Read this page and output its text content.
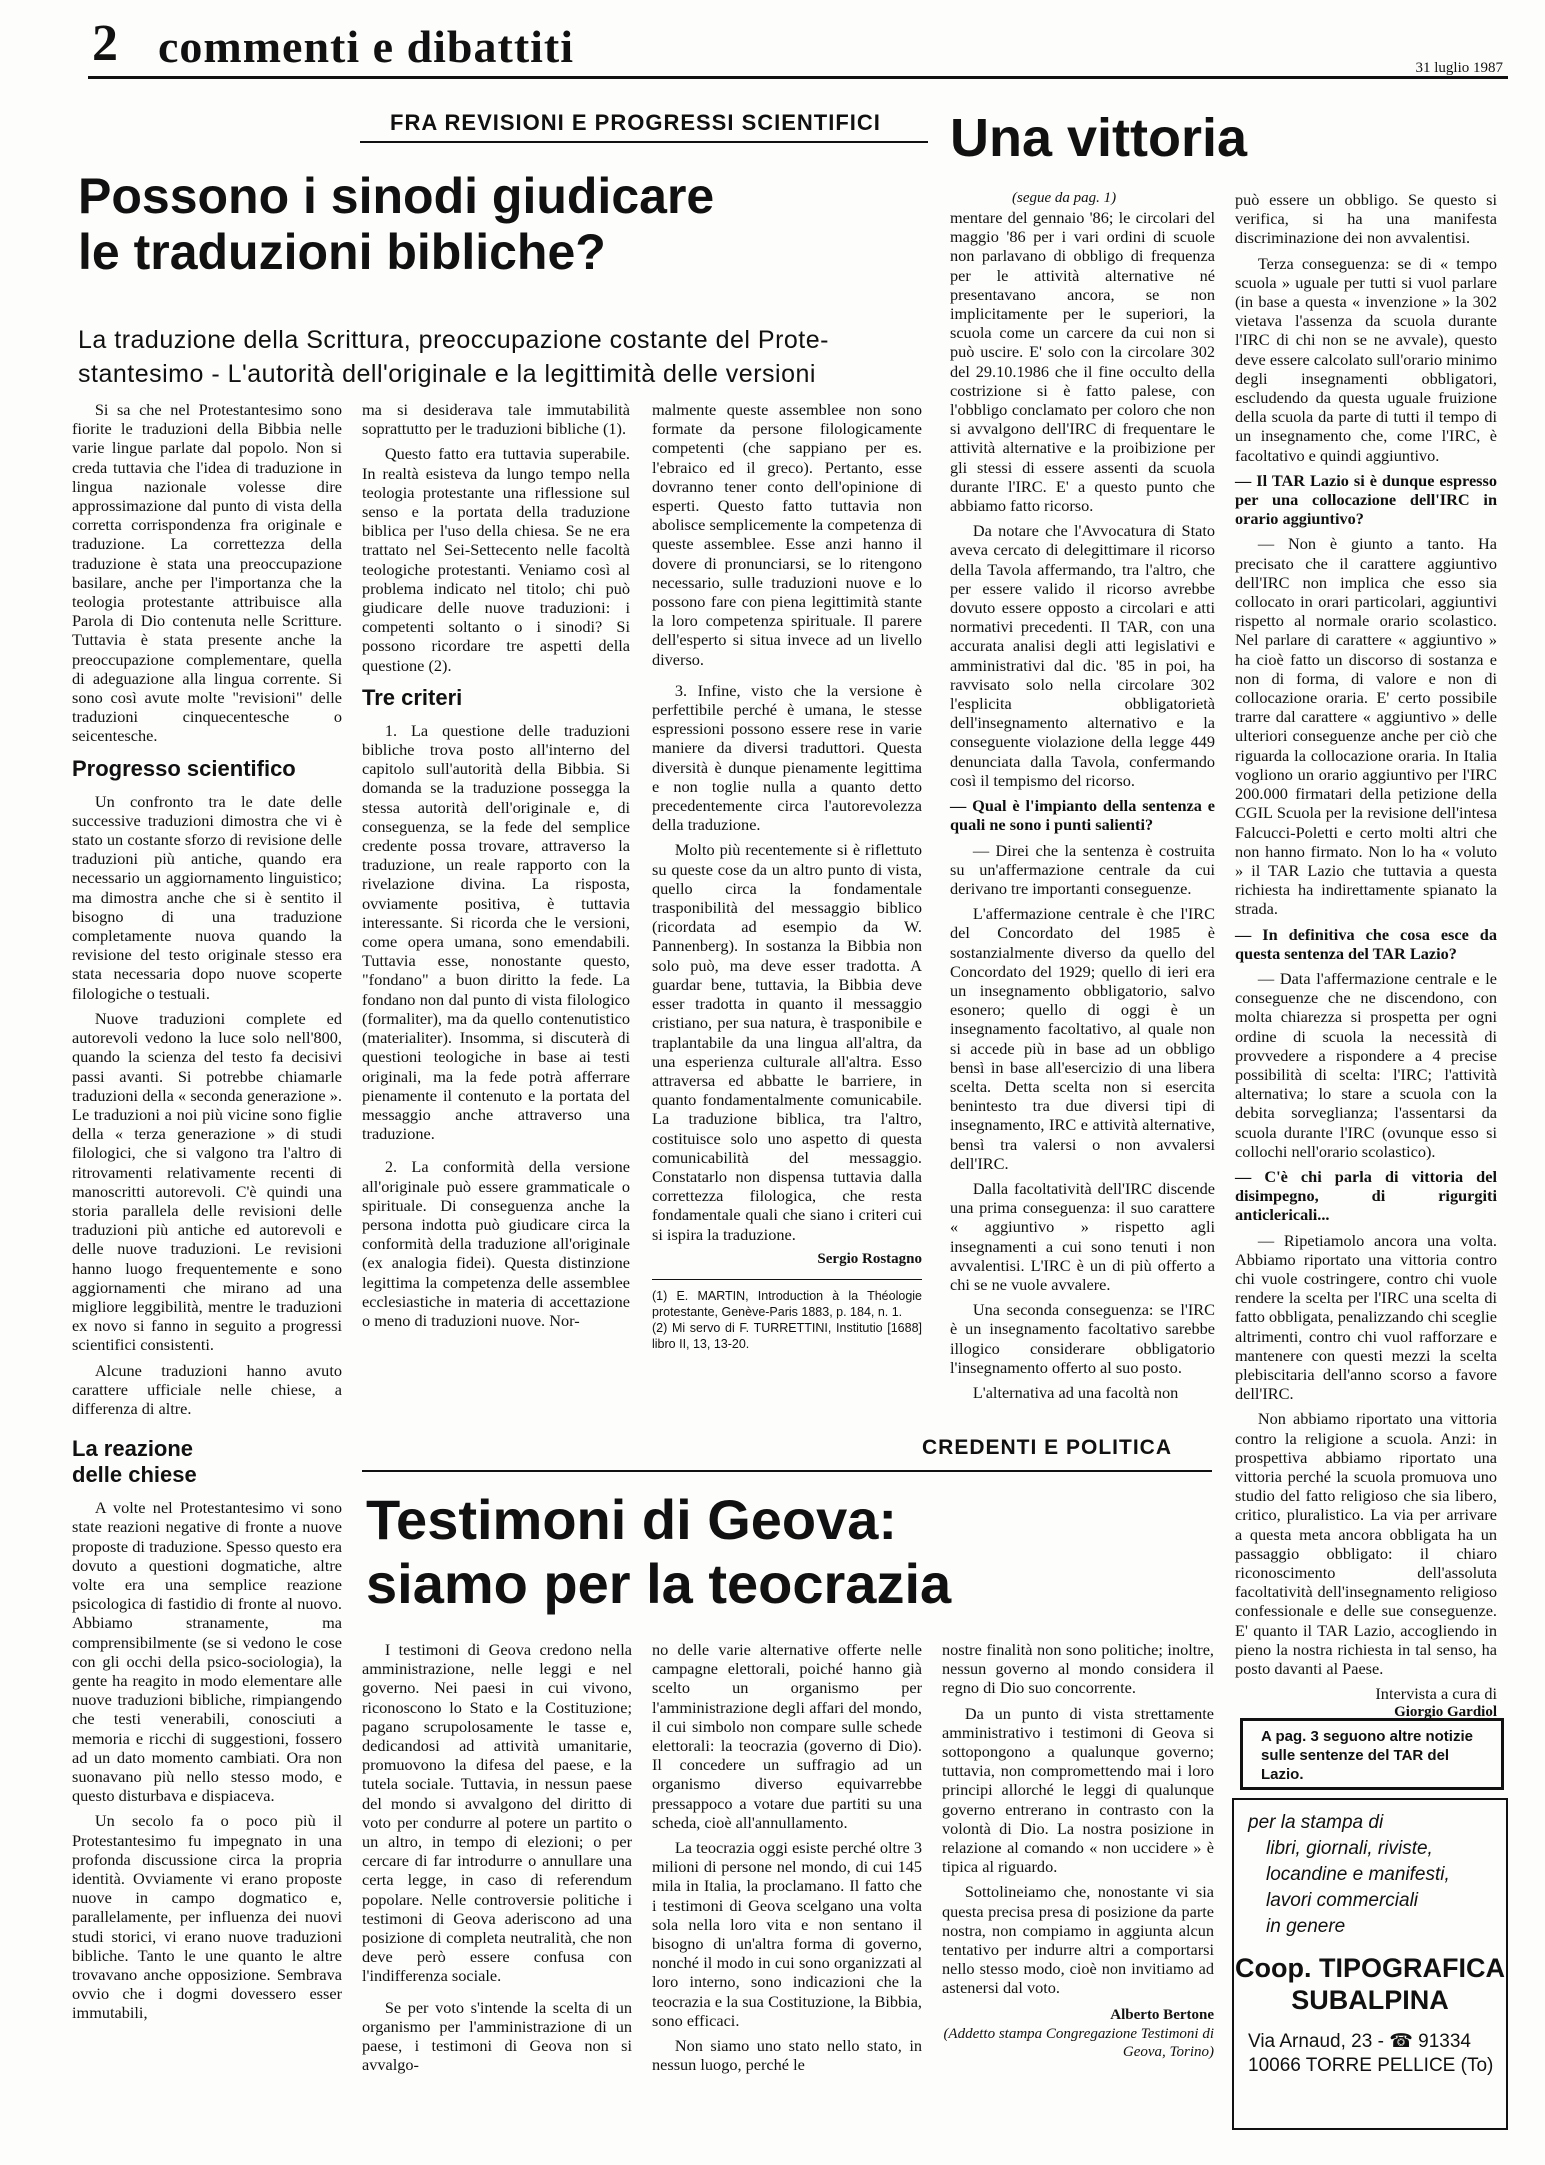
2 commenti e dibattiti	31 luglio 1987
FRA REVISIONI E PROGRESSI SCIENTIFICI
Possono i sinodi giudicare
le traduzioni bibliche?
La traduzione della Scrittura, preoccupazione costante del Prote-
stantesimo - L'autorità dell'originale e la legittimità delle versioni

Si sa che nel Protestantesimo sono fiorite le traduzioni della Bibbia nelle varie lingue parlate dal popolo. Non si creda tuttavia che l'idea di traduzione in lingua nazionale volesse dire approssimazione dal punto di vista della corretta corrispondenza fra originale e traduzione. La correttezza della traduzione è stata una preoccupazione basilare, anche per l'importanza che la teologia protestante attribuisce alla Parola di Dio contenuta nelle Scritture. Tuttavia è stata presente anche la preoccupazione complementare, quella di adeguazione alla lingua corrente. Si sono così avute molte "revisioni" delle traduzioni cinquecentesche o seicentesche.

Progresso scientifico

Un confronto tra le date delle successive traduzioni dimostra che vi è stato un costante sforzo di revisione delle traduzioni più antiche, quando era necessario un aggiornamento linguistico; ma dimostra anche che si è sentito il bisogno di una traduzione completamente nuova quando la revisione del testo originale stesso era stata necessaria dopo nuove scoperte filologiche o testuali.

Nuove traduzioni complete ed autorevoli vedono la luce solo nell'800, quando la scienza del testo fa decisivi passi avanti. Si potrebbe chiamarle traduzioni della « seconda generazione ». Le traduzioni a noi più vicine sono figlie della « terza generazione » di studi filologici, che si valgono tra l'altro di ritrovamenti relativamente recenti di manoscritti autorevoli. C'è quindi una storia parallela delle revisioni delle traduzioni più antiche ed autorevoli e delle nuove traduzioni. Le revisioni hanno luogo frequentemente e sono aggiornamenti che mirano ad una migliore leggibilità, mentre le traduzioni ex novo si fanno in seguito a progressi scientifici consistenti.

Alcune traduzioni hanno avuto carattere ufficiale nelle chiese, a differenza di altre.

La reazione
delle chiese

A volte nel Protestantesimo vi sono state reazioni negative di fronte a nuove proposte di traduzione. Spesso questo era dovuto a questioni dogmatiche, altre volte era una semplice reazione psicologica di fastidio di fronte al nuovo. Abbiamo stranamente, ma comprensibilmente (se si vedono le cose con gli occhi della psico-sociologia), la gente ha reagito in modo elementare alle nuove traduzioni bibliche, rimpiangendo che testi venerabili, conosciuti a memoria e ricchi di suggestioni, fossero ad un dato momento cambiati. Ora non suonavano più nello stesso modo, e questo disturbava e dispiaceva.

Un secolo fa o poco più il Protestantesimo fu impegnato in una profonda discussione circa la propria identità. Ovviamente vi erano proposte nuove in campo dogmatico e, parallelamente, per influenza dei nuovi studi storici, vi erano nuove traduzioni bibliche. Tanto le une quanto le altre trovavano anche opposizione. Sembrava ovvio che i dogmi dovessero esser immutabili,

ma si desiderava tale immutabilità soprattutto per le traduzioni bibliche (1).

Questo fatto era tuttavia superabile. In realtà esisteva da lungo tempo nella teologia protestante una riflessione sul senso e la portata della traduzione biblica per l'uso della chiesa. Se ne era trattato nel Sei-Settecento nelle facoltà teologiche protestanti. Veniamo così al problema indicato nel titolo; chi può giudicare delle nuove traduzioni: i competenti soltanto o i sinodi? Si possono ricordare tre aspetti della questione (2).

Tre criteri

1. La questione delle traduzioni bibliche trova posto all'interno del capitolo sull'autorità della Bibbia. Si domanda se la traduzione possegga la stessa autorità dell'originale e, di conseguenza, se la fede del semplice credente possa trovare, attraverso la traduzione, un reale rapporto con la rivelazione divina. La risposta, ovviamente positiva, è tuttavia interessante. Si ricorda che le versioni, come opera umana, sono emendabili. Tuttavia esse, nonostante questo, "fondano" a buon diritto la fede. La fondano non dal punto di vista filologico (formaliter), ma da quello contenutistico (materialiter). Insomma, si discuterà di questioni teologiche in base ai testi originali, ma la fede potrà afferrare pienamente il contenuto e la portata del messaggio anche attraverso una traduzione.

2. La conformità della versione all'originale può essere grammaticale o spirituale. Di conseguenza anche la persona indotta può giudicare circa la conformità della traduzione all'originale (ex analogia fidei). Questa distinzione legittima la competenza delle assemblee ecclesiastiche in materia di accettazione o meno di traduzioni nuove. Nor-

malmente queste assemblee non sono formate da persone filologicamente competenti (che sappiano per es. l'ebraico ed il greco). Pertanto, esse dovranno tener conto dell'opinione di esperti. Questo fatto tuttavia non abolisce semplicemente la competenza di queste assemblee. Esse anzi hanno il dovere di pronunciarsi, se lo ritengono necessario, sulle traduzioni nuove e lo possono fare con piena legittimità stante la loro competenza spirituale. Il parere dell'esperto si situa invece ad un livello diverso.

3. Infine, visto che la versione è perfettibile perché è umana, le stesse espressioni possono essere rese in varie maniere da diversi traduttori. Questa diversità è dunque pienamente legittima e non toglie nulla a quanto detto precedentemente circa l'autorevolezza della traduzione.

Molto più recentemente si è riflettuto su queste cose da un altro punto di vista, quello circa la fondamentale trasponibilità del messaggio biblico (ricordata ad esempio da W. Pannenberg). In sostanza la Bibbia non solo può, ma deve esser tradotta. A guardar bene, tuttavia, la Bibbia deve esser tradotta in quanto il messaggio cristiano, per sua natura, è trasponibile e traplantabile da una lingua all'altra, da una esperienza culturale all'altra. Esso attraversa ed abbatte le barriere, in quanto fondamentalmente comunicabile. La traduzione biblica, tra l'altro, costituisce solo uno aspetto di questa comunicabilità del messaggio. Constatarlo non dispensa tuttavia dalla correttezza filologica, che resta fondamentale quali che siano i criteri cui si ispira la traduzione.

Sergio Rostagno
(1) E. MARTIN, Introduction à la Théologie protestante, Genève-Paris 1883, p. 184, n. 1.
(2) Mi servo di F. TURRETTINI, Institutio [1688] libro II, 13, 13-20.
Una vittoria
(segue da pag. 1)

mentare del gennaio '86; le circolari del maggio '86 per i vari ordini di scuole non parlavano di obbligo di frequenza per le attività alternative né presentavano ancora, se non implicitamente per le superiori, la scuola come un carcere da cui non si può uscire. E' solo con la circolare 302 del 29.10.1986 che il fine occulto della costrizione si è fatto palese, con l'obbligo conclamato per coloro che non si avvalgono dell'IRC di frequentare le attività alternative e la proibizione per gli stessi di essere assenti da scuola durante l'IRC. E' a questo punto che abbiamo fatto ricorso.

Da notare che l'Avvocatura di Stato aveva cercato di delegittimare il ricorso della Tavola affermando, tra l'altro, che per essere valido il ricorso avrebbe dovuto essere opposto a circolari e atti normativi precedenti. Il TAR, con una accurata analisi degli atti legislativi e amministrativi dal dic. '85 in poi, ha ravvisato solo nella circolare 302 l'esplicita obbligatorietà dell'insegnamento alternativo e la conseguente violazione della legge 449 denunciata dalla Tavola, confermando così il tempismo del ricorso.

— Qual è l'impianto della sentenza e quali ne sono i punti salienti?

— Direi che la sentenza è costruita su un'affermazione centrale da cui derivano tre importanti conseguenze.

L'affermazione centrale è che l'IRC del Concordato del 1985 è sostanzialmente diverso da quello del Concordato del 1929; quello di ieri era un insegnamento obbligatorio, salvo esonero; quello di oggi è un insegnamento facoltativo, al quale non si accede più in base ad un obbligo bensì in base all'esercizio di una libera scelta. Detta scelta non si esercita benintesto tra due diversi tipi di insegnamento, IRC e attività alternative, bensì tra valersi o non avvalersi dell'IRC.

Dalla facoltatività dell'IRC discende una prima conseguenza: il suo carattere « aggiuntivo » rispetto agli insegnamenti a cui sono tenuti i non avvalentisi. L'IRC è un di più offerto a chi se ne vuole avvalere.

Una seconda conseguenza: se l'IRC è un insegnamento facoltativo sarebbe illogico considerare obbligatorio l'insegnamento offerto al suo posto.

L'alternativa ad una facoltà non

può essere un obbligo. Se questo si verifica, si ha una manifesta discriminazione dei non avvalentisi.

Terza conseguenza: se di « tempo scuola » uguale per tutti si vuol parlare (in base a questa « invenzione » la 302 vietava l'assenza da scuola durante l'IRC di chi non se ne avvale), questo deve essere calcolato sull'orario minimo degli insegnamenti obbligatori, escludendo da questa uguale fruizione della scuola da parte di tutti il tempo di un insegnamento che, come l'IRC, è facoltativo e quindi aggiuntivo.

— Il TAR Lazio si è dunque espresso per una collocazione dell'IRC in orario aggiuntivo?

— Non è giunto a tanto. Ha precisato che il carattere aggiuntivo dell'IRC non implica che esso sia collocato in orari particolari, aggiuntivi rispetto al normale orario scolastico. Nel parlare di carattere « aggiuntivo » ha cioè fatto un discorso di sostanza e non di forma, di valore e non di collocazione oraria. E' certo possibile trarre dal carattere « aggiuntivo » delle ulteriori conseguenze anche per ciò che riguarda la collocazione oraria. In Italia vogliono un orario aggiuntivo per l'IRC 200.000 firmatari della petizione della CGIL Scuola per la revisione dell'intesa Falcucci-Poletti e certo molti altri che non hanno firmato. Non lo ha « voluto » il TAR Lazio che tuttavia a questa richiesta ha indirettamente spianato la strada.

— In definitiva che cosa esce da questa sentenza del TAR Lazio?

— Data l'affermazione centrale e le conseguenze che ne discendono, con molta chiarezza si prospetta per ogni ordine di scuola la necessità di provvedere a rispondere a 4 precise possibilità di scelta: l'IRC; l'attività alternativa; lo stare a scuola con la debita sorveglianza; l'assentarsi da scuola durante l'IRC (ovunque esso si collochi nell'orario scolastico).

— C'è chi parla di vittoria del disimpegno, di rigurgiti anticlericali...

— Ripetiamolo ancora una volta. Abbiamo riportato una vittoria contro chi vuole costringere, contro chi vuole rendere la scelta per l'IRC una scelta di fatto obbligata, penalizzando chi sceglie altrimenti, contro chi vuol rafforzare e mantenere con questi mezzi la scelta plebiscitaria dell'anno scorso a favore dell'IRC.

Non abbiamo riportato una vittoria contro la religione a scuola. Anzi: in prospettiva abbiamo riportato una vittoria perché la scuola promuova uno studio del fatto religioso che sia libero, critico, pluralistico. La via per arrivare a questa meta ancora obbligata ha un passaggio obbligato: il chiaro riconoscimento dell'assoluta facoltatività dell'insegnamento religioso confessionale e delle sue conseguenze. E' quanto il TAR Lazio, accogliendo in pieno la nostra richiesta in tal senso, ha posto davanti al Paese.

Intervista a cura di
Giorgio Gardiol
A pag. 3 seguono altre notizie sulle sentenze del TAR del Lazio.
CREDENTI E POLITICA
Testimoni di Geova:
siamo per la teocrazia

I testimoni di Geova credono nella amministrazione, nelle leggi e nel governo. Nei paesi in cui vivono, riconoscono lo Stato e la Costituzione; pagano scrupolosamente le tasse e, dedicandosi ad attività umanitarie, promuovono la difesa del paese, e la tutela sociale. Tuttavia, in nessun paese del mondo si avvalgono del diritto di voto per condurre al potere un partito o un altro, in tempo di elezioni; o per cercare di far introdurre o annullare una certa legge, in caso di referendum popolare. Nelle controversie politiche i testimoni di Geova aderiscono ad una posizione di completa neutralità, che non deve però essere confusa con l'indifferenza sociale.

Se per voto s'intende la scelta di un organismo per l'amministrazione di un paese, i testimoni di Geova non si avvalgo-

no delle varie alternative offerte nelle campagne elettorali, poiché hanno già scelto un organismo per l'amministrazione degli affari del mondo, il cui simbolo non compare sulle schede elettorali: la teocrazia (governo di Dio). Il concedere un suffragio ad un organismo diverso equivarrebbe pressappoco a votare due partiti su una scheda, cioè all'annullamento.

La teocrazia oggi esiste perché oltre 3 milioni di persone nel mondo, di cui 145 mila in Italia, la proclamano. Il fatto che i testimoni di Geova scelgano una volta sola nella loro vita e non sentano il bisogno di un'altra forma di governo, nonché il modo in cui sono organizzati al loro interno, sono indicazioni che la teocrazia e la sua Costituzione, la Bibbia, sono efficaci.

Non siamo uno stato nello stato, in nessun luogo, perché le

nostre finalità non sono politiche; inoltre, nessun governo al mondo considera il regno di Dio suo concorrente.

Da un punto di vista strettamente amministrativo i testimoni di Geova si sottopongono a qualunque governo; tuttavia, non compromettendo mai i loro principi allorché le leggi di qualunque governo entrerano in contrasto con la volontà di Dio. La nostra posizione in relazione al comando « non uccidere » è tipica al riguardo.

Sottolineiamo che, nonostante vi sia questa precisa presa di posizione da parte nostra, non compiamo in aggiunta alcun tentativo per indurre altri a comportarsi nello stesso modo, cioè non invitiamo ad astenersi dal voto.

Alberto Bertone
(Addetto stampa Congregazione Testimoni di Geova, Torino)
per la stampa di
libri, giornali, riviste,
locandine e manifesti,
lavori commerciali
in genere
Coop. TIPOGRAFICA
SUBALPINA
Via Arnaud, 23 - ☎ 91334
10066 TORRE PELLICE (To)
